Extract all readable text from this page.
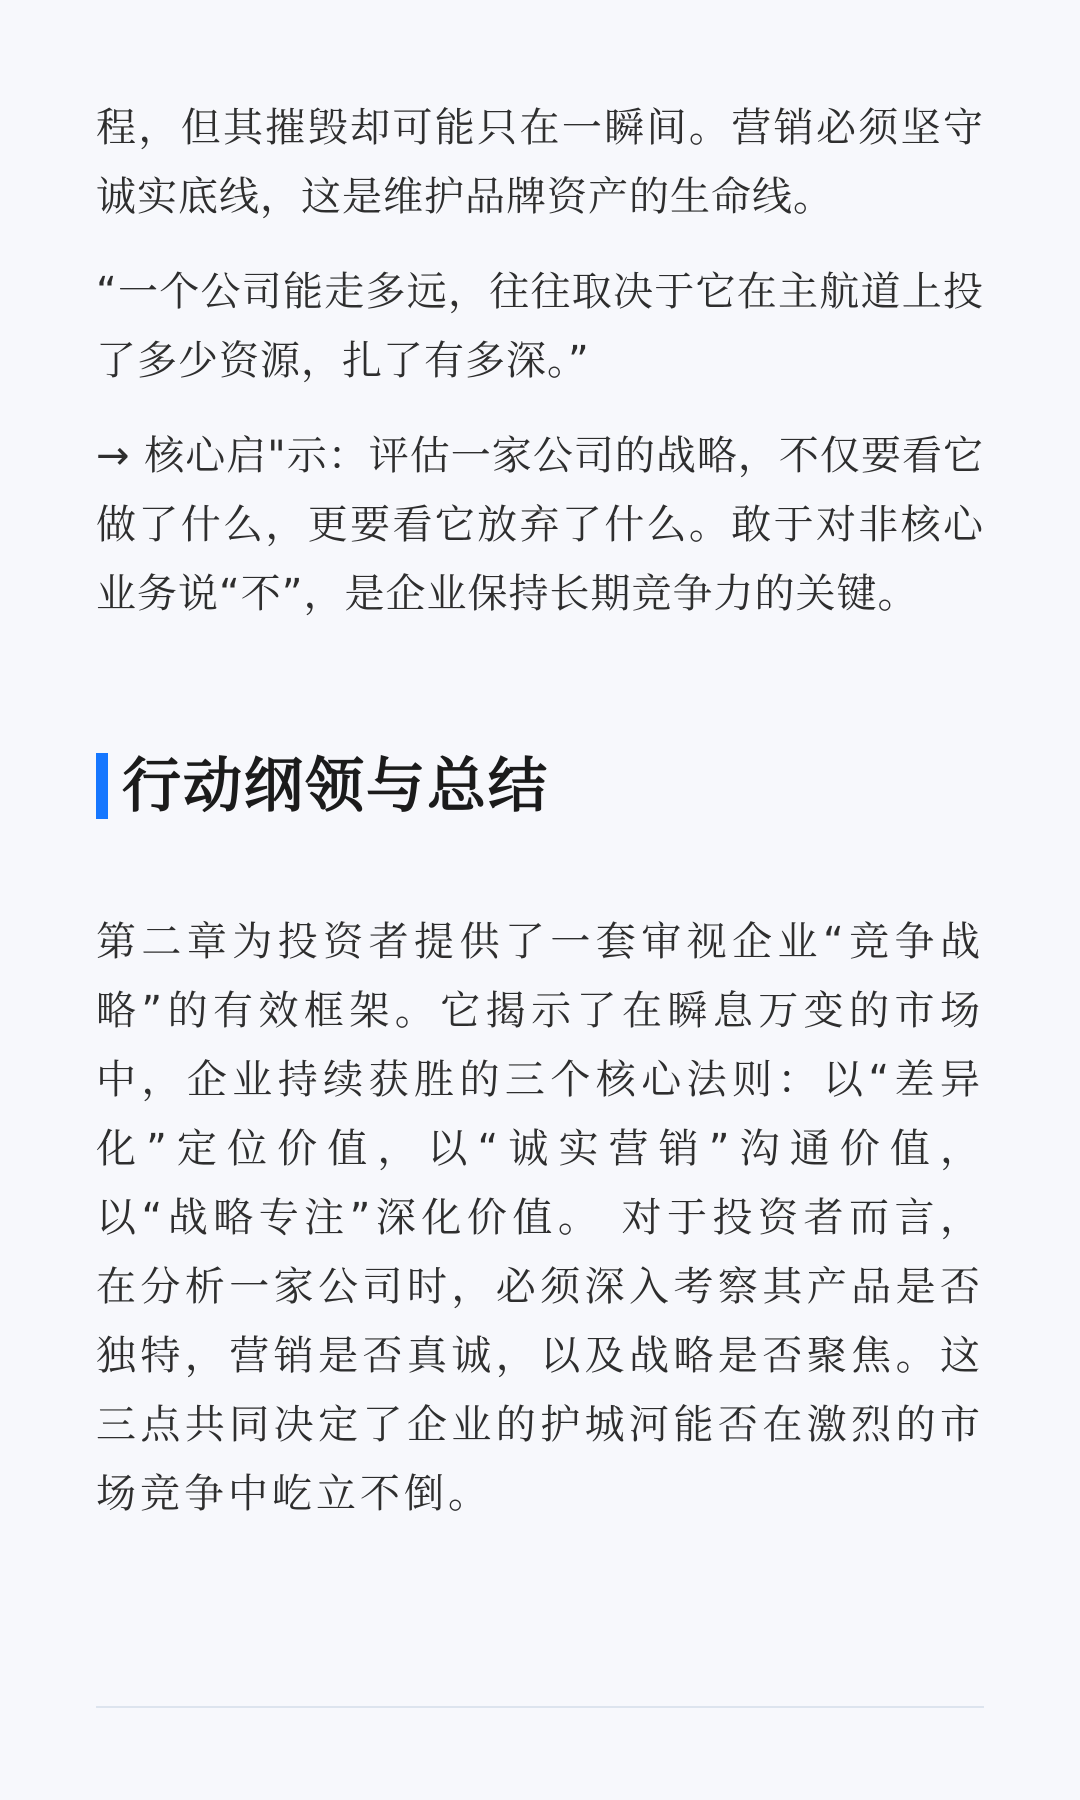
程，但其摧毁却可能只在一瞬间。营销必须坚守诚实底线，这是维护品牌资产的生命线。

“一个公司能走多远，往往取决于它在主航道上投了多少资源，扎了有多深。”

→ 核心启"示：评估一家公司的战略，不仅要看它做了什么，更要看它放弃了什么。敢于对非核心业务说“不”，是企业保持长期竞争力的关键。

行动纲领与总结

第二章为投资者提供了一套审视企业“竞争战略”的有效框架。它揭示了在瞬息万变的市场中，企业持续获胜的三个核心法则：以“差异化”定位价值，以“诚实营销”沟通价值，以“战略专注”深化价值。 对于投资者而言，在分析一家公司时，必须深入考察其产品是否独特，营销是否真诚，以及战略是否聚焦。这三点共同决定了企业的护城河能否在激烈的市场竞争中屹立不倒。
